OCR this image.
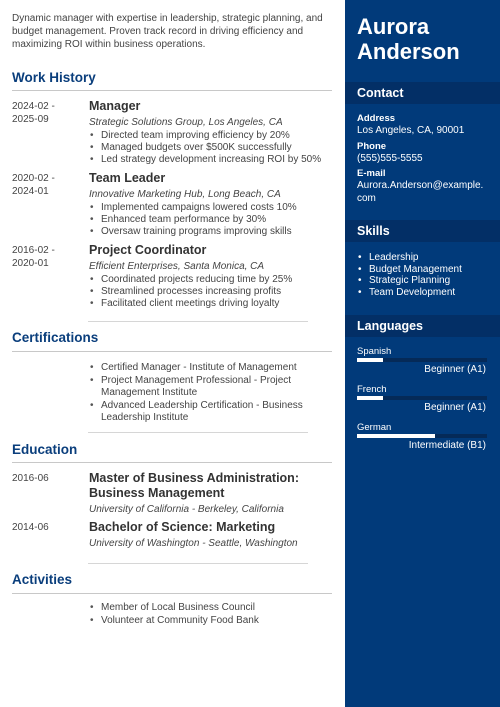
Dynamic manager with expertise in leadership, strategic planning, and budget management. Proven track record in driving efficiency and maximizing ROI within business operations.
Work History
2024-02 -
2025-09
Manager
Strategic Solutions Group, Los Angeles, CA
• Directed team improving efficiency by 20%
• Managed budgets over $500K successfully
• Led strategy development increasing ROI by 50%
2020-02 -
2024-01
Team Leader
Innovative Marketing Hub, Long Beach, CA
• Implemented campaigns lowered costs 10%
• Enhanced team performance by 30%
• Oversaw training programs improving skills
2016-02 -
2020-01
Project Coordinator
Efficient Enterprises, Santa Monica, CA
• Coordinated projects reducing time by 25%
• Streamlined processes increasing profits
• Facilitated client meetings driving loyalty
Certifications
• Certified Manager - Institute of Management
• Project Management Professional - Project Management Institute
• Advanced Leadership Certification - Business Leadership Institute
Education
2016-06	Master of Business Administration:
Business Management
University of California - Berkeley, California
2014-06	Bachelor of Science: Marketing
University of Washington - Seattle, Washington
Activities
• Member of Local Business Council
• Volunteer at Community Food Bank
Aurora
Anderson
Contact
Address
Los Angeles, CA, 90001
Phone
(555)555-5555
E-mail
Aurora.Anderson@example.
com
Skills
• Leadership
• Budget Management
• Strategic Planning
• Team Development
Languages
Spanish
Beginner (A1)
French
Beginner (A1)
German
Intermediate (B1)
